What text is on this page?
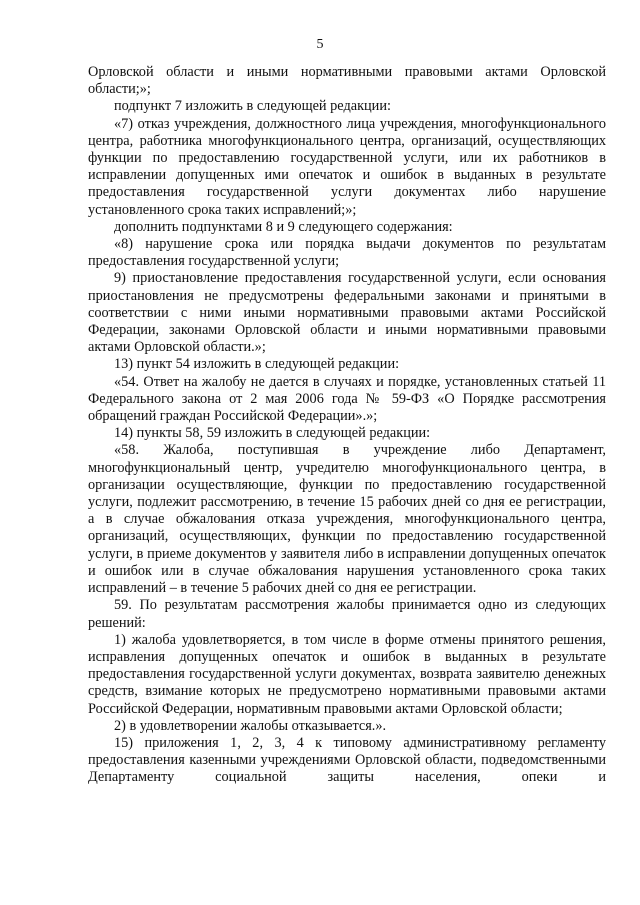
5

Орловской области и иными нормативными правовыми актами Орловской области;»;

подпункт 7 изложить в следующей редакции:

«7) отказ учреждения, должностного лица учреждения, многофункционального центра, работника многофункционального центра, организаций, осуществляющих функции по предоставлению государственной услуги, или их работников в исправлении допущенных ими опечаток и ошибок в выданных в результате предоставления государственной услуги документах либо нарушение установленного срока таких исправлений;»;

дополнить подпунктами 8 и 9 следующего содержания:

«8) нарушение срока или порядка выдачи документов по результатам предоставления государственной услуги;

9) приостановление предоставления государственной услуги, если основания приостановления не предусмотрены федеральными законами и принятыми в соответствии с ними иными нормативными правовыми актами Российской Федерации, законами Орловской области и иными нормативными правовыми актами Орловской области.»;

13) пункт 54 изложить в следующей редакции:

«54. Ответ на жалобу не дается в случаях и порядке, установленных статьей 11 Федерального закона от 2 мая 2006 года № 59-ФЗ «О Порядке рассмотрения обращений граждан Российской Федерации».»;

14) пункты 58, 59 изложить в следующей редакции:

«58. Жалоба, поступившая в учреждение либо Департамент, многофункциональный центр, учредителю многофункционального центра, в организации осуществляющие, функции по предоставлению государственной услуги, подлежит рассмотрению, в течение 15 рабочих дней со дня ее регистрации, а в случае обжалования отказа учреждения, многофункционального центра, организаций, осуществляющих, функции по предоставлению государственной услуги, в приеме документов у заявителя либо в исправлении допущенных опечаток и ошибок или в случае обжалования нарушения установленного срока таких исправлений – в течение 5 рабочих дней со дня ее регистрации.

59. По результатам рассмотрения жалобы принимается одно из следующих решений:

1) жалоба удовлетворяется, в том числе в форме отмены принятого решения, исправления допущенных опечаток и ошибок в выданных в результате предоставления государственной услуги документах, возврата заявителю денежных средств, взимание которых не предусмотрено нормативными правовыми актами Российской Федерации, нормативным правовыми актами Орловской области;

2) в удовлетворении жалобы отказывается.».

15) приложения 1, 2, 3, 4 к типовому административному регламенту предоставления казенными учреждениями Орловской области, подведомственными Департаменту социальной защиты населения, опеки и
